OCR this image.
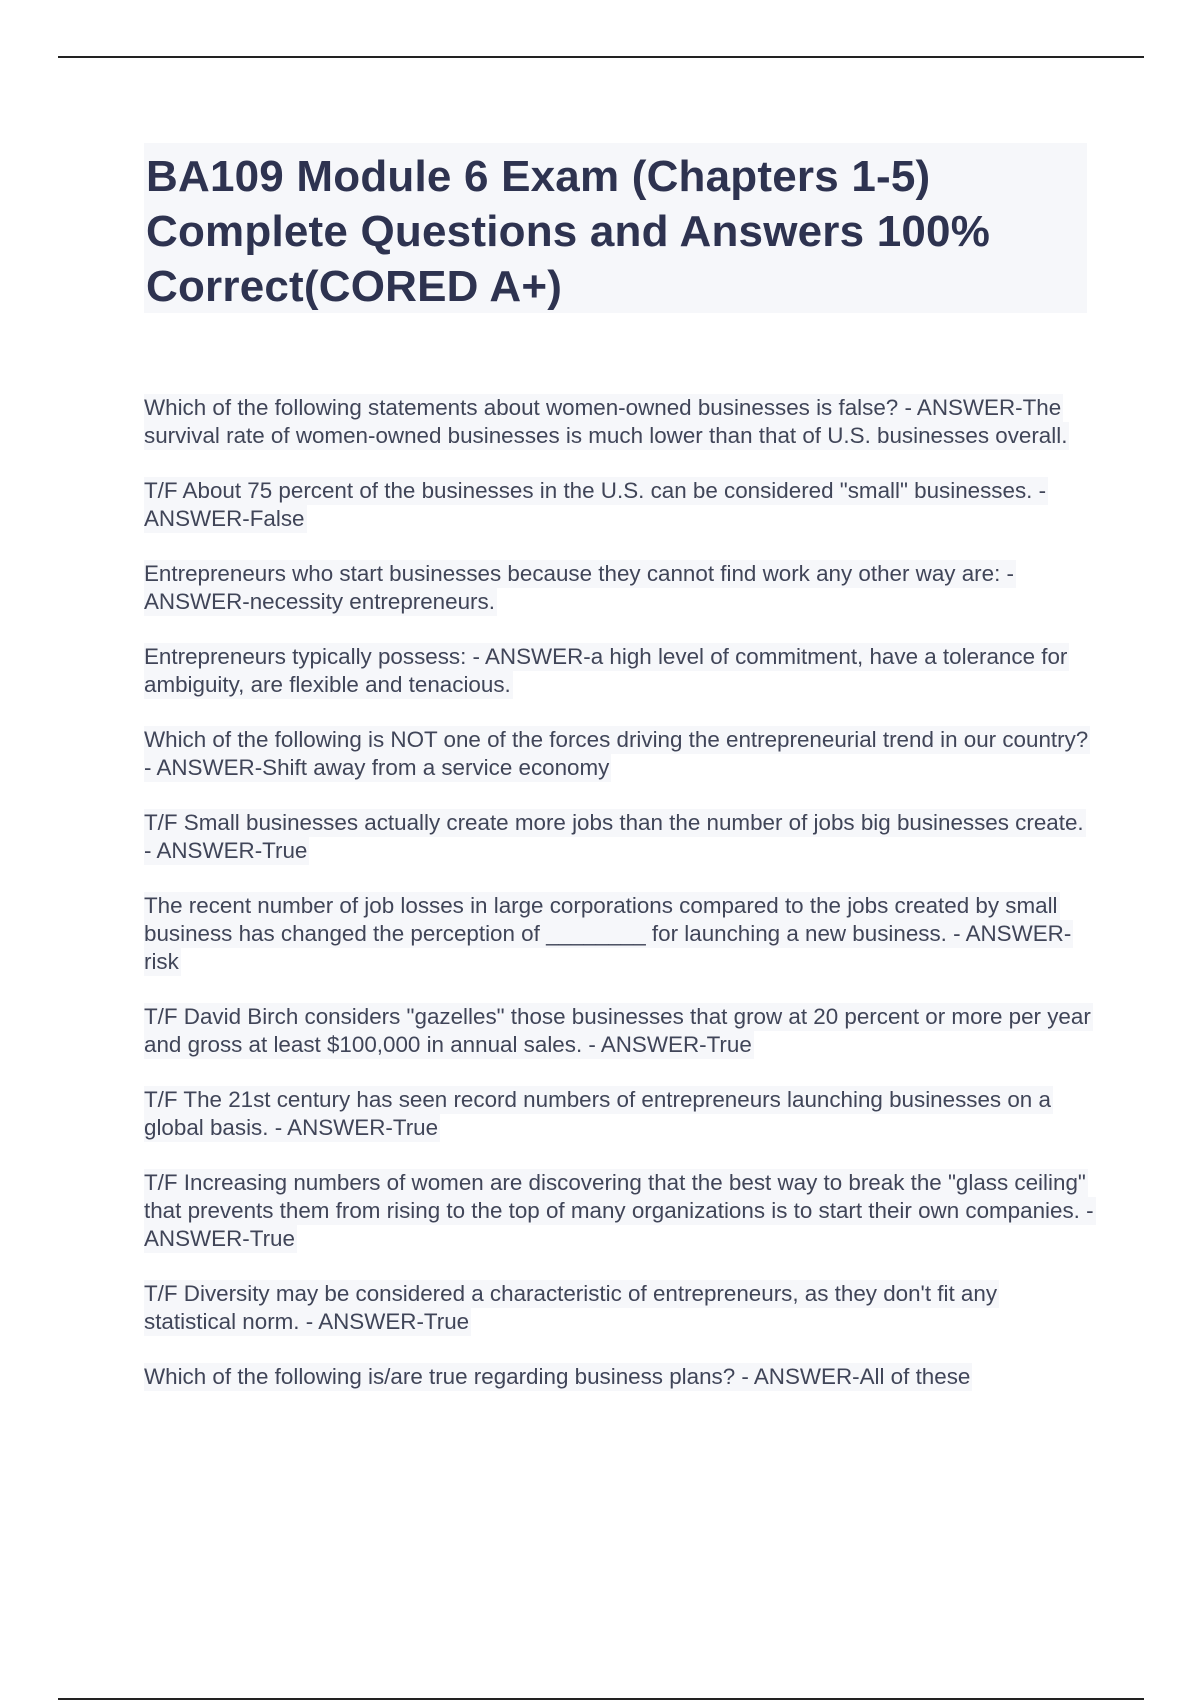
BA109 Module 6 Exam (Chapters 1-5) Complete Questions and Answers 100% Correct(CORED A+)

Which of the following statements about women-owned businesses is false? - ANSWER-The survival rate of women-owned businesses is much lower than that of U.S. businesses overall.

T/F About 75 percent of the businesses in the U.S. can be considered "small" businesses. - ANSWER-False

Entrepreneurs who start businesses because they cannot find work any other way are: - ANSWER-necessity entrepreneurs.

Entrepreneurs typically possess: - ANSWER-a high level of commitment, have a tolerance for ambiguity, are flexible and tenacious.

Which of the following is NOT one of the forces driving the entrepreneurial trend in our country? - ANSWER-Shift away from a service economy

T/F Small businesses actually create more jobs than the number of jobs big businesses create. - ANSWER-True

The recent number of job losses in large corporations compared to the jobs created by small business has changed the perception of ________ for launching a new business. - ANSWER-risk

T/F David Birch considers "gazelles" those businesses that grow at 20 percent or more per year and gross at least $100,000 in annual sales. - ANSWER-True

T/F The 21st century has seen record numbers of entrepreneurs launching businesses on a global basis. - ANSWER-True

T/F Increasing numbers of women are discovering that the best way to break the "glass ceiling" that prevents them from rising to the top of many organizations is to start their own companies. - ANSWER-True

T/F Diversity may be considered a characteristic of entrepreneurs, as they don't fit any statistical norm. - ANSWER-True

Which of the following is/are true regarding business plans? - ANSWER-All of these
